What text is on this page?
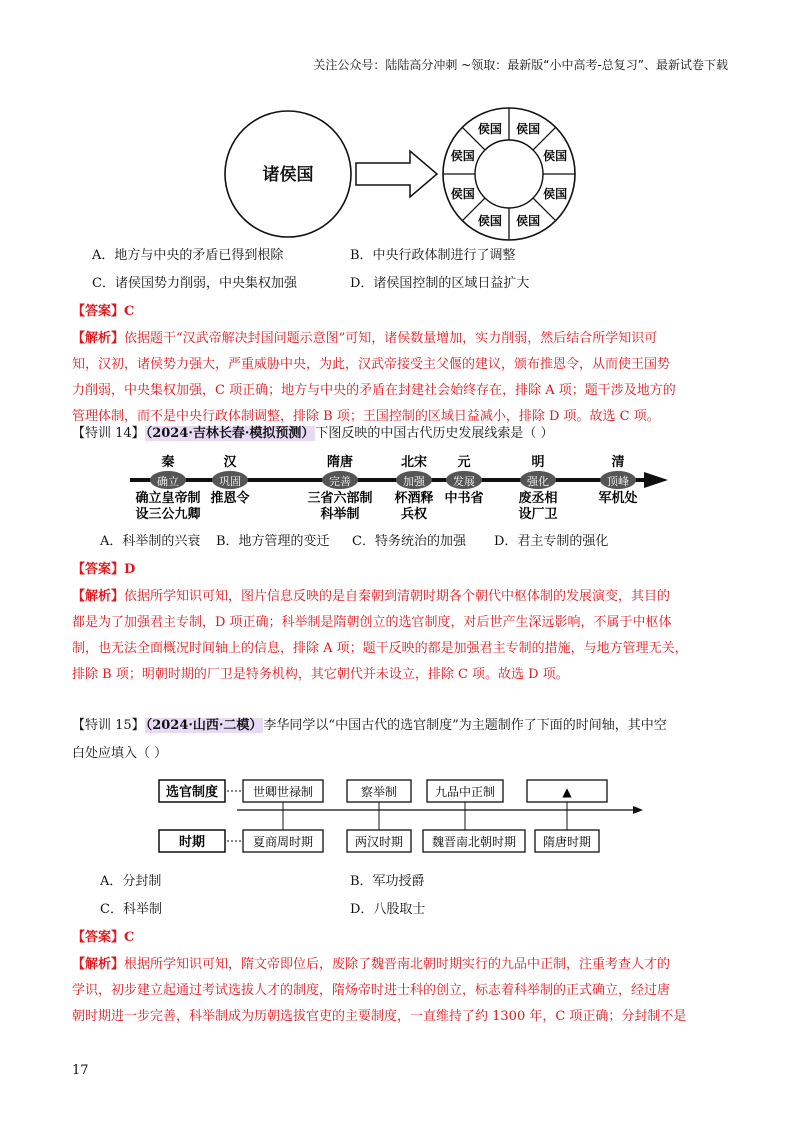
关注公众号：陆陆高分冲刺 ~领取：最新版“小中高考-总复习”、最新试卷下载
诸侯国
侯国
侯国
侯国
侯国
侯国
侯国 侯国
侯国
A．地方与中央的矛盾已得到根除	B．中央行政体制进行了调整
C．诸侯国势力削弱，中央集权加强	D．诸侯国控制的区域日益扩大
【答案】C
【解析】依据题干“汉武帝解决封国问题示意图”可知，诸侯数量增加，实力削弱，然后结合所学知识可
知，汉初，诸侯势力强大，严重威胁中央，为此，汉武帝接受主父偃的建议，颁布推恩令，从而使王国势
力削弱，中央集权加强，C 项正确；地方与中央的矛盾在封建社会始终存在，排除 A 项；题干涉及地方的
管理体制，而不是中央行政体制调整，排除 B 项；王国控制的区域日益减小，排除 D 项。故选 C 项。
【特训 14】（2024·吉林长春·模拟预测）下图反映的中国古代历史发展线索是（ ）
秦
确立
确立皇帝制
设三公九卿
汉
巩固
推恩令
隋唐
完善
三省六部制
科举制
北宋
加强
杯酒释
兵权
元
发展
中书省
明
强化
废丞相
设厂卫
清
顶峰
军机处
A．科举制的兴衰 B．地方管理的变迁 C．特务统治的加强 D．君主专制的强化
【答案】D
【解析】依据所学知识可知，图片信息反映的是自秦朝到清朝时期各个朝代中枢体制的发展演变，其目的
都是为了加强君主专制，D 项正确；科举制是隋朝创立的选官制度，对后世产生深远影响，不属于中枢体
制，也无法全面概况时间轴上的信息，排除 A 项；题干反映的都是加强君主专制的措施，与地方管理无关，
排除 B 项；明朝时期的厂卫是特务机构，其它朝代并未设立，排除 C 项。故选 D 项。
【特训 15】（2024·山西·二模）李华同学以“中国古代的选官制度”为主题制作了下面的时间轴，其中空
白处应填入（ ）
选官制度
时期
世卿世禄制	察举制	九品中正制	▲
夏商周时期	两汉时期 魏晋南北朝时期 隋唐时期
A．分封制	B．军功授爵
C．科举制	D．八股取士
【答案】C
【解析】根据所学知识可知，隋文帝即位后，废除了魏晋南北朝时期实行的九品中正制，注重考查人才的
学识，初步建立起通过考试选拔人才的制度，隋炀帝时进士科的创立，标志着科举制的正式确立，经过唐
朝时期进一步完善，科举制成为历朝选拔官吏的主要制度，一直维持了约 1300 年，C 项正确；分封制不是
17
